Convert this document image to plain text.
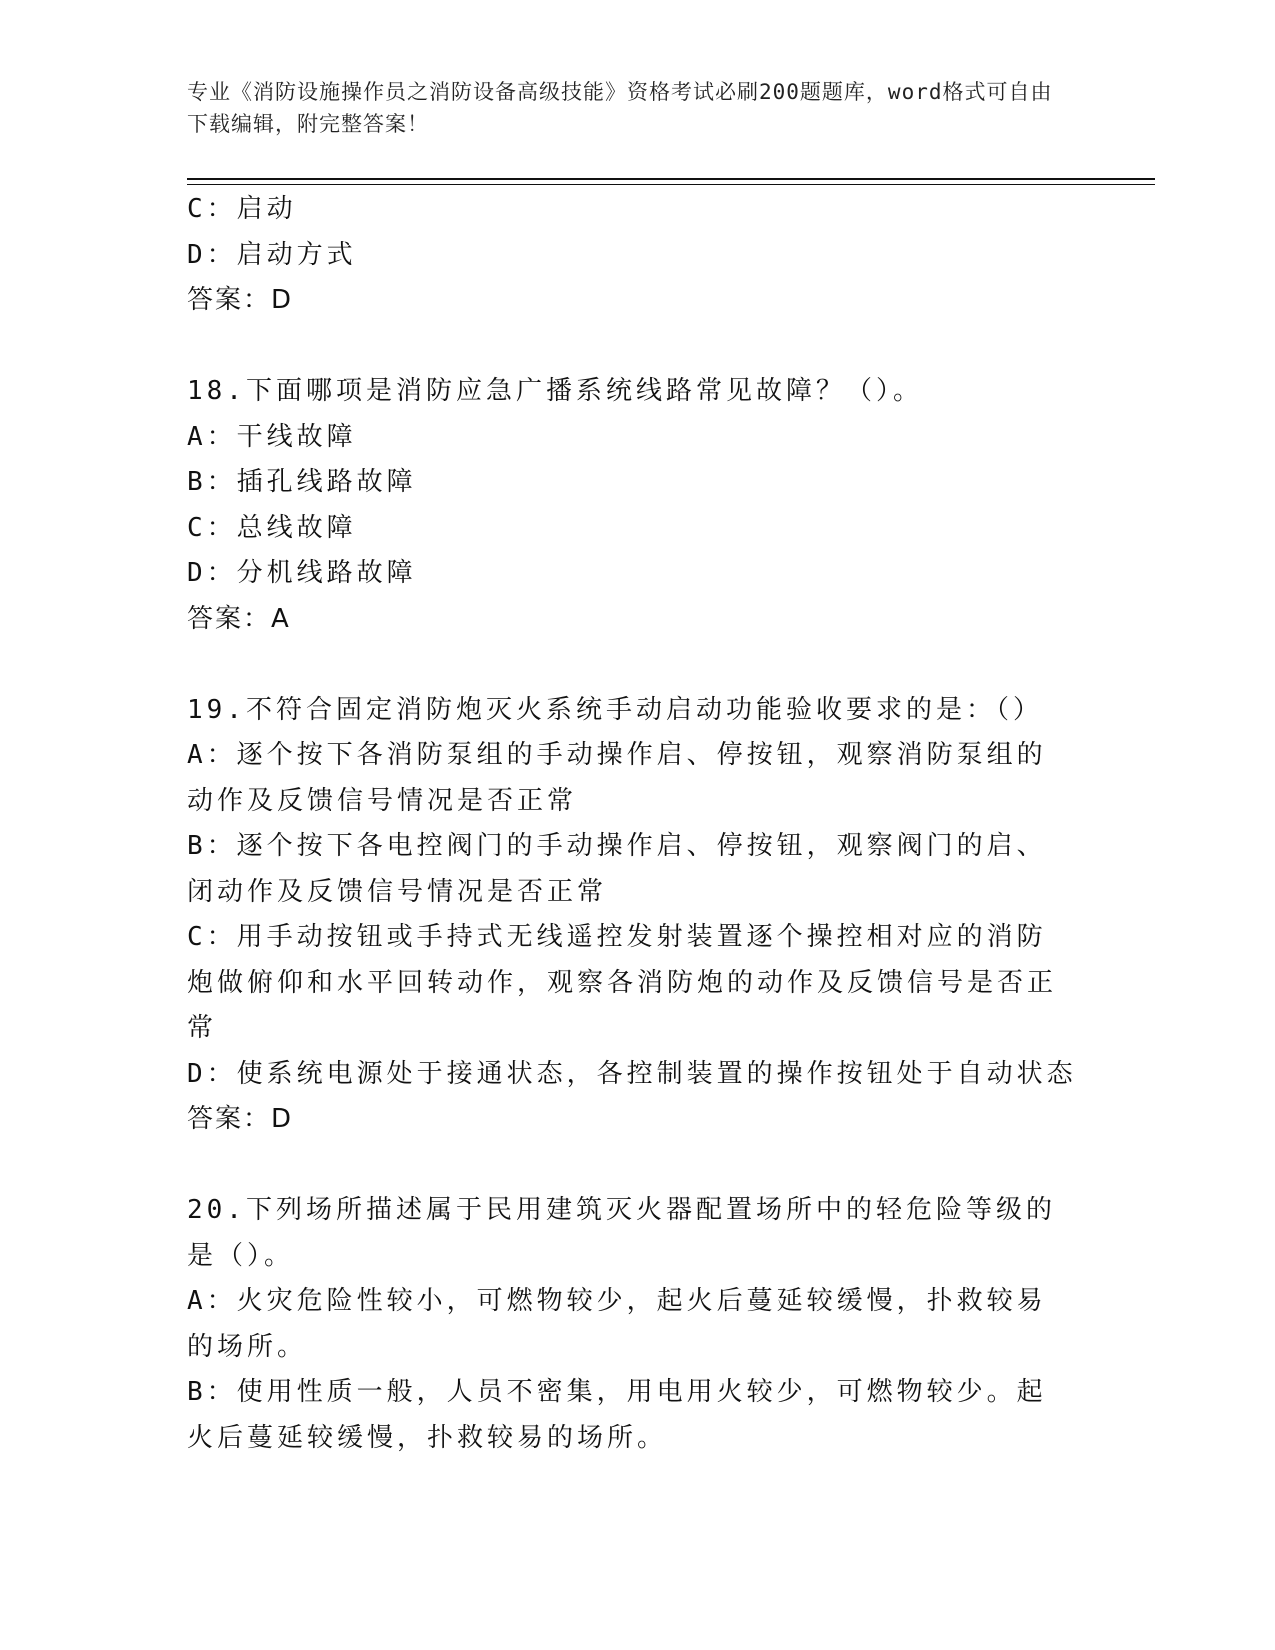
专业《消防设施操作员之消防设备高级技能》资格考试必刷200题题库，word格式可自由下载编辑，附完整答案！
C：启动
D：启动方式
答案：D
18.下面哪项是消防应急广播系统线路常见故障？（）。
A：干线故障
B：插孔线路故障
C：总线故障
D：分机线路故障
答案：A
19.不符合固定消防炮灭火系统手动启动功能验收要求的是：（）
A：逐个按下各消防泵组的手动操作启、停按钮，观察消防泵组的动作及反馈信号情况是否正常
B：逐个按下各电控阀门的手动操作启、停按钮，观察阀门的启、闭动作及反馈信号情况是否正常
C：用手动按钮或手持式无线遥控发射装置逐个操控相对应的消防炮做俯仰和水平回转动作，观察各消防炮的动作及反馈信号是否正常
D：使系统电源处于接通状态，各控制装置的操作按钮处于自动状态
答案：D
20.下列场所描述属于民用建筑灭火器配置场所中的轻危险等级的是（）。
A：火灾危险性较小，可燃物较少，起火后蔓延较缓慢，扑救较易的场所。
B：使用性质一般，人员不密集，用电用火较少，可燃物较少。起火后蔓延较缓慢，扑救较易的场所。
